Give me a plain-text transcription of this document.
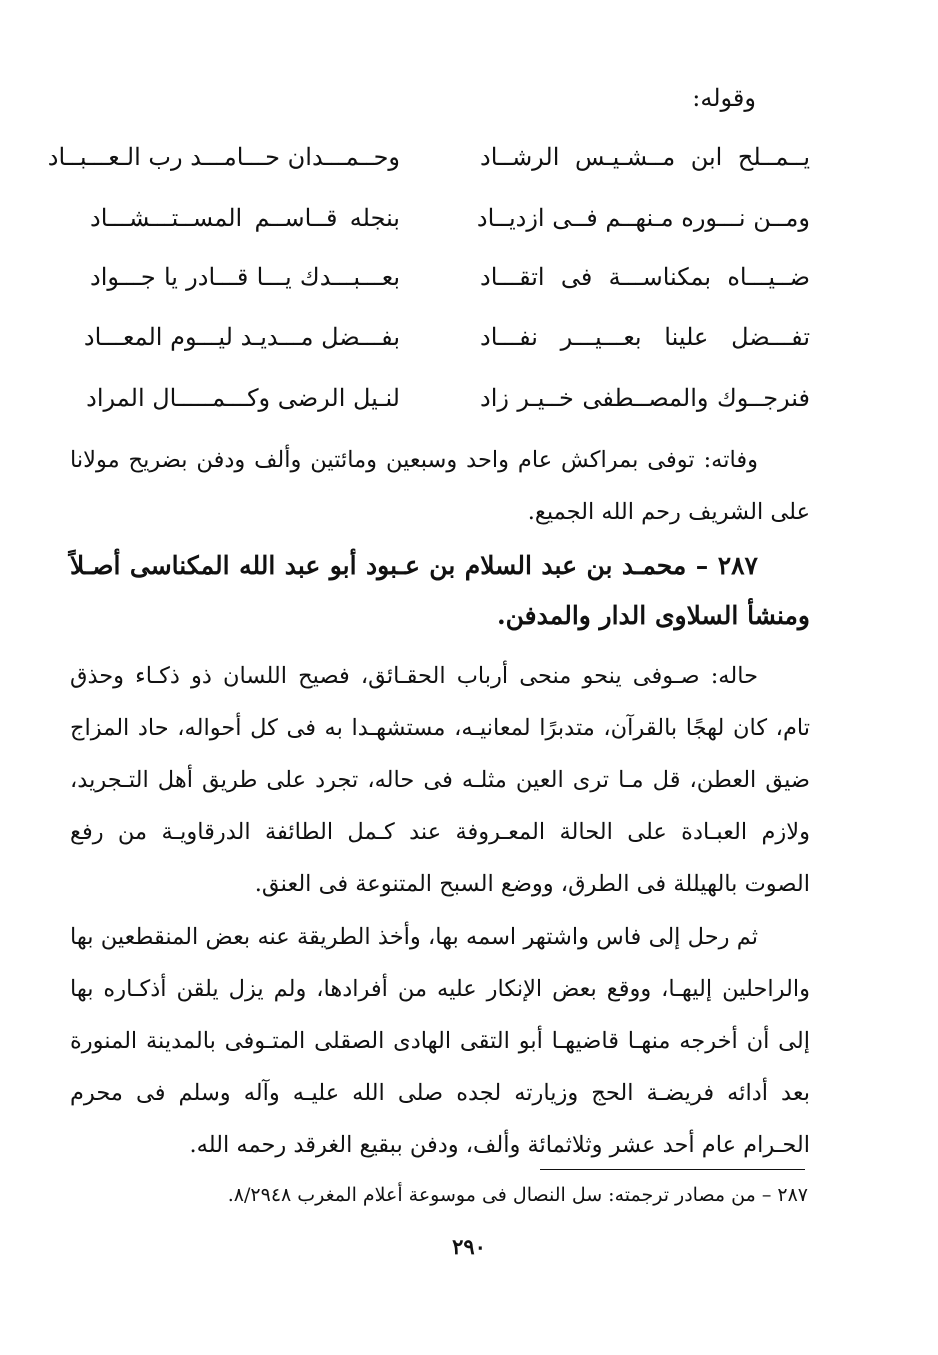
وقوله:
يــمــلح ابن مــشـيـس الرشــاد
وحــمـــدان حـــامـــد رب الـعـــبــاد
ومــن نـــوره مـنهــم فــى ازديــاد
بنجله قــاســم المســتـــشـــاد
ضــيـــاه بمكناســـة فى اتقـــاد
بعـــبـــدك يـــا قـــادر يا جـــواد
تفـــضل علينا بعـــيـــر نفـــاد
بفـــضل مـــديـد ليـــوم المعـــاد
فنرجــوك والمصــطفى خــيـر زاد
لنـيل الرضى وكـــمـــــال المراد
وفاته: توفى بمراكش عام واحد وسبعين ومائتين وألف ودفن بضريح مولانا على الشريف رحم الله الجميع.
٢٨٧ – محمـد بن عبد السلام بن عـبود أبو عبد الله المكناسى أصـلاً ومنشأ السلاوى الدار والمدفن.
حاله: صـوفى ينحو منحى أرباب الحقـائق، فصيح اللسان ذو ذكـاء وحذق تام، كان لهجًا بالقرآن، متدبرًا لمعانيـه، مستشهـدا به فى كل أحواله، حاد المزاج ضيق العطن، قل مـا ترى العين مثلـه فى حاله، تجرد على طريق أهل التـجريد، ولازم العبـادة على الحالة المعـروفة عند كـمل الطائفة الدرقاويـة من رفع الصوت بالهيللة فى الطرق، ووضع السبح المتنوعة فى العنق.
ثم رحل إلى فاس واشتهر اسمه بها، وأخذ الطريقة عنه بعض المنقطعين بها والراحلين إليهـا، ووقع بعض الإنكار عليه من أفرادها، ولم يزل يلقن أذكـاره بها إلى أن أخرجه منهـا قاضيهـا أبو التقى الهادى الصقلى المتـوفى بالمدينة المنورة بعد أدائه فريضـة الحج وزيارته لجده صلى الله عليـه وآله وسلم فى محرم الحـرام عام أحد عشر وثلاثمائة وألف، ودفن ببقيع الغرقد رحمه الله.
٢٨٧ – من مصادر ترجمته: سل النصال فى موسوعة أعلام المغرب ٨/٢٩٤٨.
٢٩٠
